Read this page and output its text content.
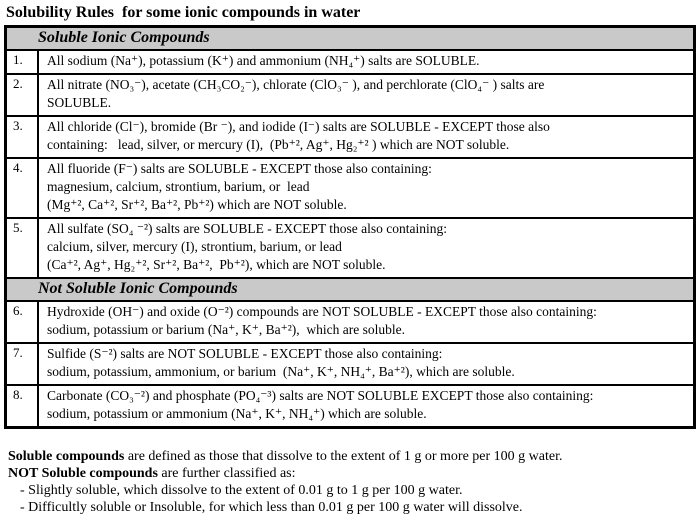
Solubility Rules  for some ionic compounds in water
Soluble Ionic Compounds
1.	All sodium (Na⁺), potassium (K⁺) and ammonium (NH₄⁺) salts are SOLUBLE.
2.	All nitrate (NO₃⁻), acetate (CH₃CO₂⁻), chlorate (ClO₃⁻ ), and perchlorate (ClO₄⁻ ) salts are
SOLUBLE.
3.	All chloride (Cl⁻), bromide (Br ⁻), and iodide (I⁻) salts are SOLUBLE - EXCEPT those also
containing:   lead, silver, or mercury (I),  (Pb⁺², Ag⁺, Hg₂⁺² ) which are NOT soluble.
4.	All fluoride (F⁻) salts are SOLUBLE - EXCEPT those also containing:
magnesium, calcium, strontium, barium, or  lead
(Mg⁺², Ca⁺², Sr⁺², Ba⁺², Pb⁺²) which are NOT soluble.
5.	All sulfate (SO₄ ⁻²) salts are SOLUBLE - EXCEPT those also containing:
calcium, silver, mercury (I), strontium, barium, or lead
(Ca⁺², Ag⁺, Hg₂⁺², Sr⁺², Ba⁺²,  Pb⁺²), which are NOT soluble.
Not Soluble Ionic Compounds
6.	Hydroxide (OH⁻) and oxide (O⁻²) compounds are NOT SOLUBLE - EXCEPT those also containing:
sodium, potassium or barium (Na⁺, K⁺, Ba⁺²),  which are soluble.
7.	Sulfide (S⁻²) salts are NOT SOLUBLE - EXCEPT those also containing:
sodium, potassium, ammonium, or barium  (Na⁺, K⁺, NH₄⁺, Ba⁺²), which are soluble.
8.	Carbonate (CO₃⁻²) and phosphate (PO₄⁻³) salts are NOT SOLUBLE EXCEPT those also containing:
sodium, potassium or ammonium (Na⁺, K⁺, NH₄⁺) which are soluble.

Soluble compounds are defined as those that dissolve to the extent of 1 g or more per 100 g water.

NOT Soluble compounds are further classified as:

- Slightly soluble, which dissolve to the extent of 0.01 g to 1 g per 100 g water.

- Difficultly soluble or Insoluble, for which less than 0.01 g per 100 g water will dissolve.
